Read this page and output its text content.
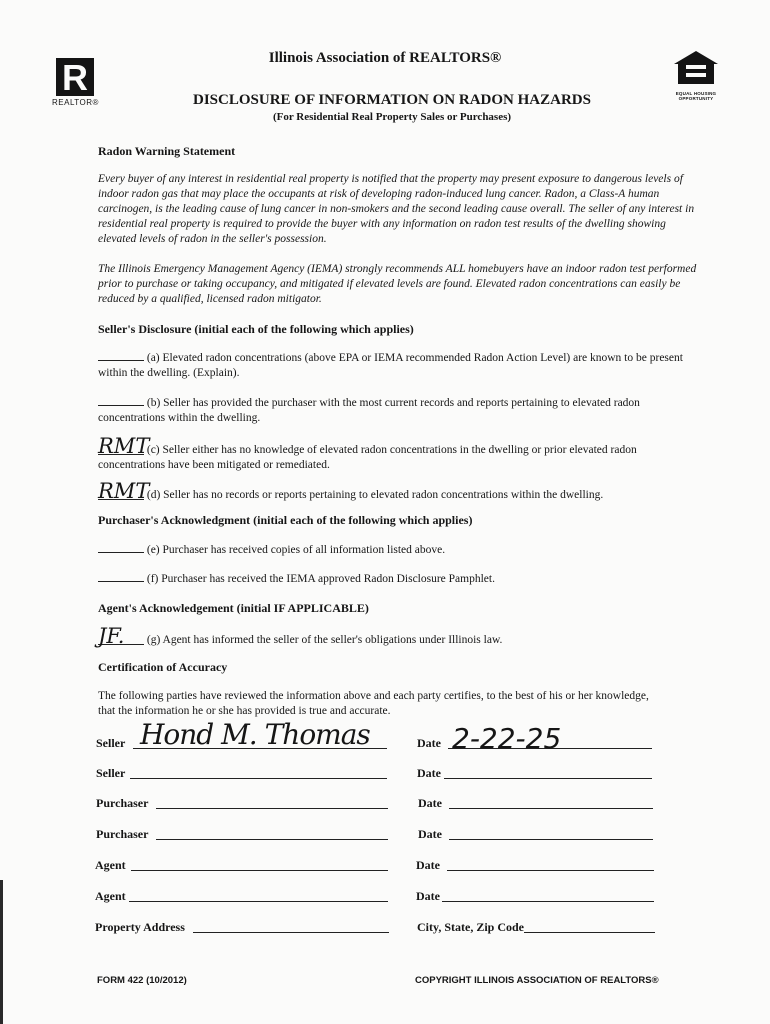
R
REALTOR®
Illinois Association of REALTORS®
EQUAL HOUSING OPPORTUNITY
DISCLOSURE OF INFORMATION ON RADON HAZARDS
(For Residential Real Property Sales or Purchases)
Radon Warning Statement
Every buyer of any interest in residential real property is notified that the property may present exposure to dangerous levels of indoor radon gas that may place the occupants at risk of developing radon-induced lung cancer. Radon, a Class-A human carcinogen, is the leading cause of lung cancer in non-smokers and the second leading cause overall. The seller of any interest in residential real property is required to provide the buyer with any information on radon test results of the dwelling showing elevated levels of radon in the seller's possession.
The Illinois Emergency Management Agency (IEMA) strongly recommends ALL homebuyers have an indoor radon test performed prior to purchase or taking occupancy, and mitigated if elevated levels are found. Elevated radon concentrations can easily be reduced by a qualified, licensed radon mitigator.
Seller's Disclosure (initial each of the following which applies)
(a) Elevated radon concentrations (above EPA or IEMA recommended Radon Action Level) are known to be present within the dwelling. (Explain).
(b) Seller has provided the purchaser with the most current records and reports pertaining to elevated radon concentrations within the dwelling.
RMT (c) Seller either has no knowledge of elevated radon concentrations in the dwelling or prior elevated radon concentrations have been mitigated or remediated.
RMT (d) Seller has no records or reports pertaining to elevated radon concentrations within the dwelling.
Purchaser's Acknowledgment (initial each of the following which applies)
(e) Purchaser has received copies of all information listed above.
(f) Purchaser has received the IEMA approved Radon Disclosure Pamphlet.
Agent's Acknowledgement (initial IF APPLICABLE)
JF. (g) Agent has informed the seller of the seller's obligations under Illinois law.
Certification of Accuracy
The following parties have reviewed the information above and each party certifies, to the best of his or her knowledge, that the information he or she has provided is true and accurate.
Seller Hond M. Thomas	Date 2-22-25
Seller	Date
Purchaser	Date
Purchaser	Date
Agent	Date
Agent	Date
Property Address	City, State, Zip Code
FORM 422 (10/2012)	COPYRIGHT ILLINOIS ASSOCIATION OF REALTORS®
